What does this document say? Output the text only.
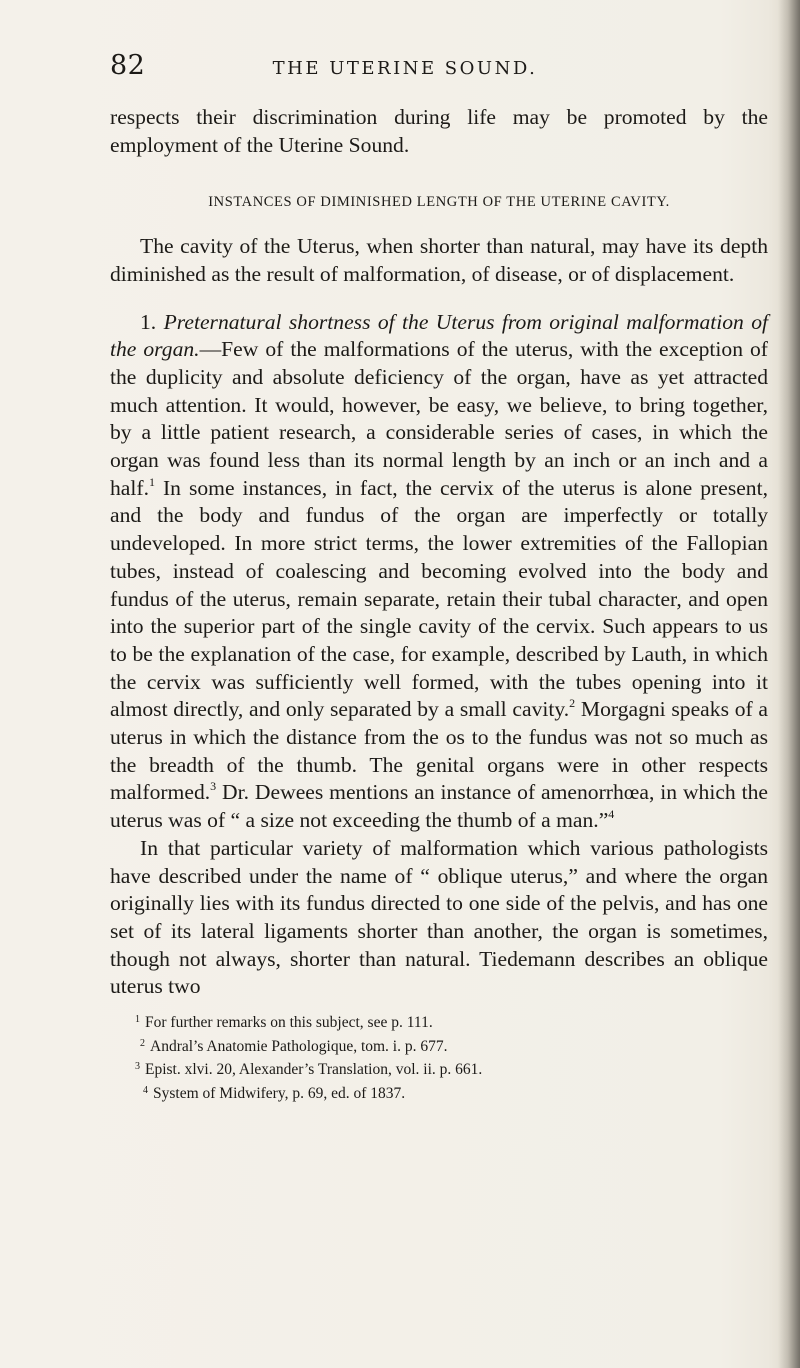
82	THE UTERINE SOUND.

respects their discrimination during life may be promoted by the employment of the Uterine Sound.

INSTANCES OF DIMINISHED LENGTH OF THE UTERINE CAVITY.

The cavity of the Uterus, when shorter than natural, may have its depth diminished as the result of malformation, of disease, or of displacement.

1. Preternatural shortness of the Uterus from original malformation of the organ.—Few of the malformations of the uterus, with the exception of the duplicity and absolute deficiency of the organ, have as yet attracted much attention. It would, however, be easy, we believe, to bring together, by a little patient research, a considerable series of cases, in which the organ was found less than its normal length by an inch or an inch and a half.$^1$ In some instances, in fact, the cervix of the uterus is alone present, and the body and fundus of the organ are imperfectly or totally undeveloped. In more strict terms, the lower extremities of the Fallopian tubes, instead of coalescing and becoming evolved into the body and fundus of the uterus, remain separate, retain their tubal character, and open into the superior part of the single cavity of the cervix. Such appears to us to be the explanation of the case, for example, described by Lauth, in which the cervix was sufficiently well formed, with the tubes opening into it almost directly, and only separated by a small cavity.$^2$ Morgagni speaks of a uterus in which the distance from the os to the fundus was not so much as the breadth of the thumb. The genital organs were in other respects malformed.$^3$ Dr. Dewees mentions an instance of amenorrhœa, in which the uterus was of “ a size not exceeding the thumb of a man.”$^4$

In that particular variety of malformation which various pathologists have described under the name of “ oblique uterus,” and where the organ originally lies with its fundus directed to one side of the pelvis, and has one set of its lateral ligaments shorter than another, the organ is sometimes, though not always, shorter than natural. Tiedemann describes an oblique uterus two

$^1$ For further remarks on this subject, see p. 111.
$^2$ Andral’s Anatomie Pathologique, tom. i. p. 677.
$^3$ Epist. xlvi. 20, Alexander’s Translation, vol. ii. p. 661.
$^4$ System of Midwifery, p. 69, ed. of 1837.
